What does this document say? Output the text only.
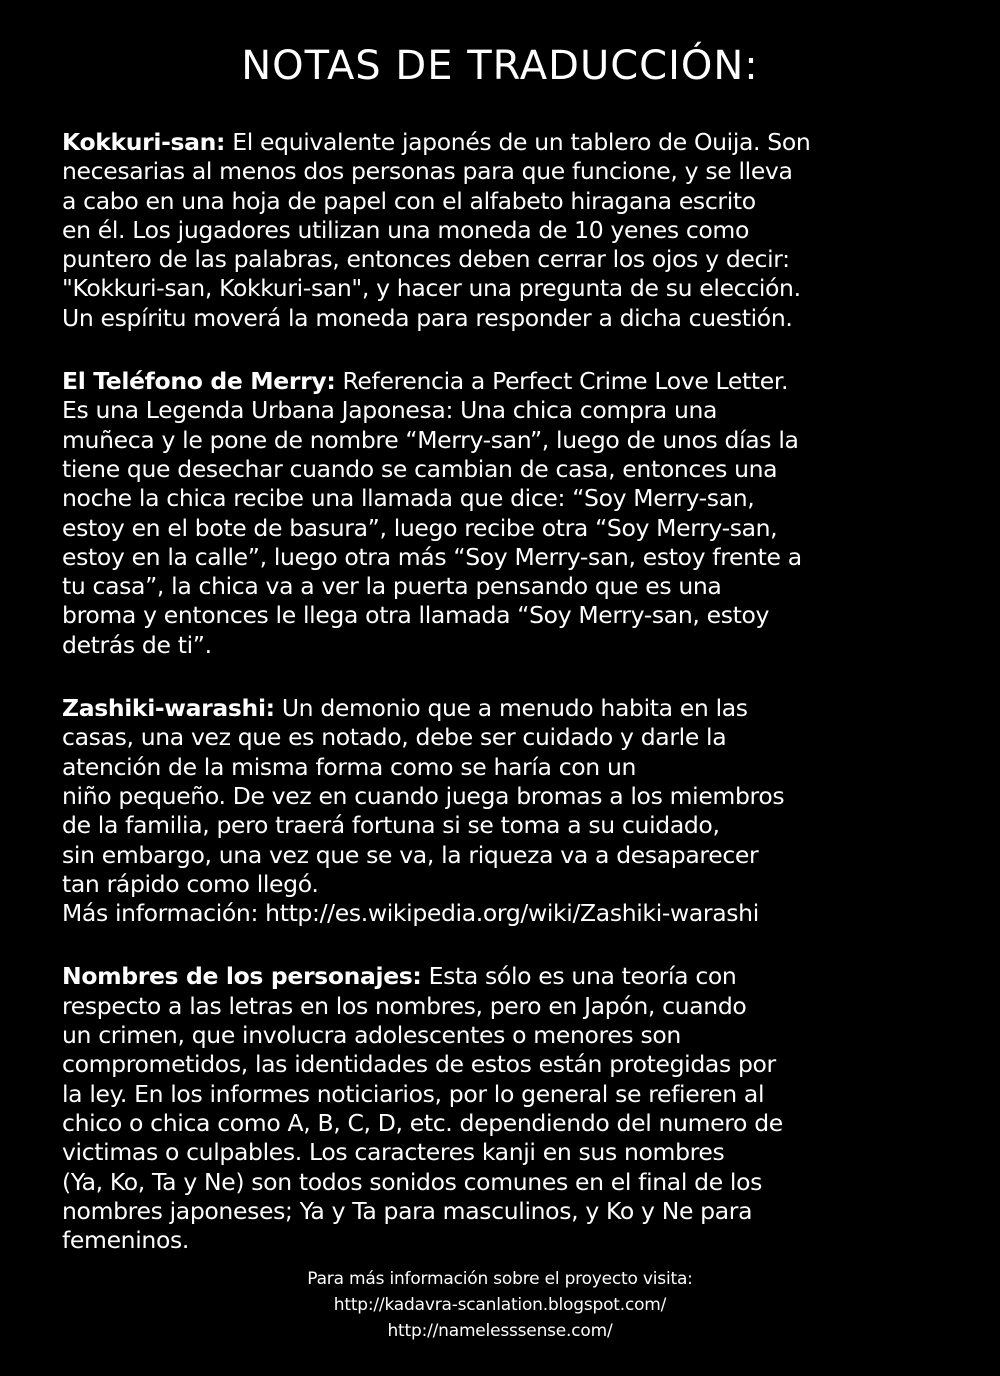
NOTAS DE TRADUCCIÓN:
Kokkuri-san: El equivalente japonés de un tablero de Ouija. Son
necesarias al menos dos personas para que funcione, y se lleva
a cabo en una hoja de papel con el alfabeto hiragana escrito
en él. Los jugadores utilizan una moneda de 10 yenes como
puntero de las palabras, entonces deben cerrar los ojos y decir:
"Kokkuri-san, Kokkuri-san", y hacer una pregunta de su elección.
Un espíritu moverá la moneda para responder a dicha cuestión.
El Teléfono de Merry: Referencia a Perfect Crime Love Letter.
Es una Legenda Urbana Japonesa: Una chica compra una
muñeca y le pone de nombre “Merry-san”, luego de unos días la
tiene que desechar cuando se cambian de casa, entonces una
noche la chica recibe una llamada que dice: “Soy Merry-san,
estoy en el bote de basura”, luego recibe otra “Soy Merry-san,
estoy en la calle”, luego otra más “Soy Merry-san, estoy frente a
tu casa”, la chica va a ver la puerta pensando que es una
broma y entonces le llega otra llamada “Soy Merry-san, estoy
detrás de ti”.
Zashiki-warashi: Un demonio que a menudo habita en las
casas, una vez que es notado, debe ser cuidado y darle la
atención de la misma forma como se haría con un
niño pequeño. De vez en cuando juega bromas a los miembros
de la familia, pero traerá fortuna si se toma a su cuidado,
sin embargo, una vez que se va, la riqueza va a desaparecer
tan rápido como llegó.
Más información: http://es.wikipedia.org/wiki/Zashiki-warashi
Nombres de los personajes: Esta sólo es una teoría con
respecto a las letras en los nombres, pero en Japón, cuando
un crimen, que involucra adolescentes o menores son
comprometidos, las identidades de estos están protegidas por
la ley. En los informes noticiarios, por lo general se refieren al
chico o chica como A, B, C, D, etc. dependiendo del numero de
victimas o culpables. Los caracteres kanji en sus nombres
(Ya, Ko, Ta y Ne) son todos sonidos comunes en el final de los
nombres japoneses; Ya y Ta para masculinos, y Ko y Ne para
femeninos.
Para más información sobre el proyecto visita:
http://kadavra-scanlation.blogspot.com/
http://namelesssense.com/
